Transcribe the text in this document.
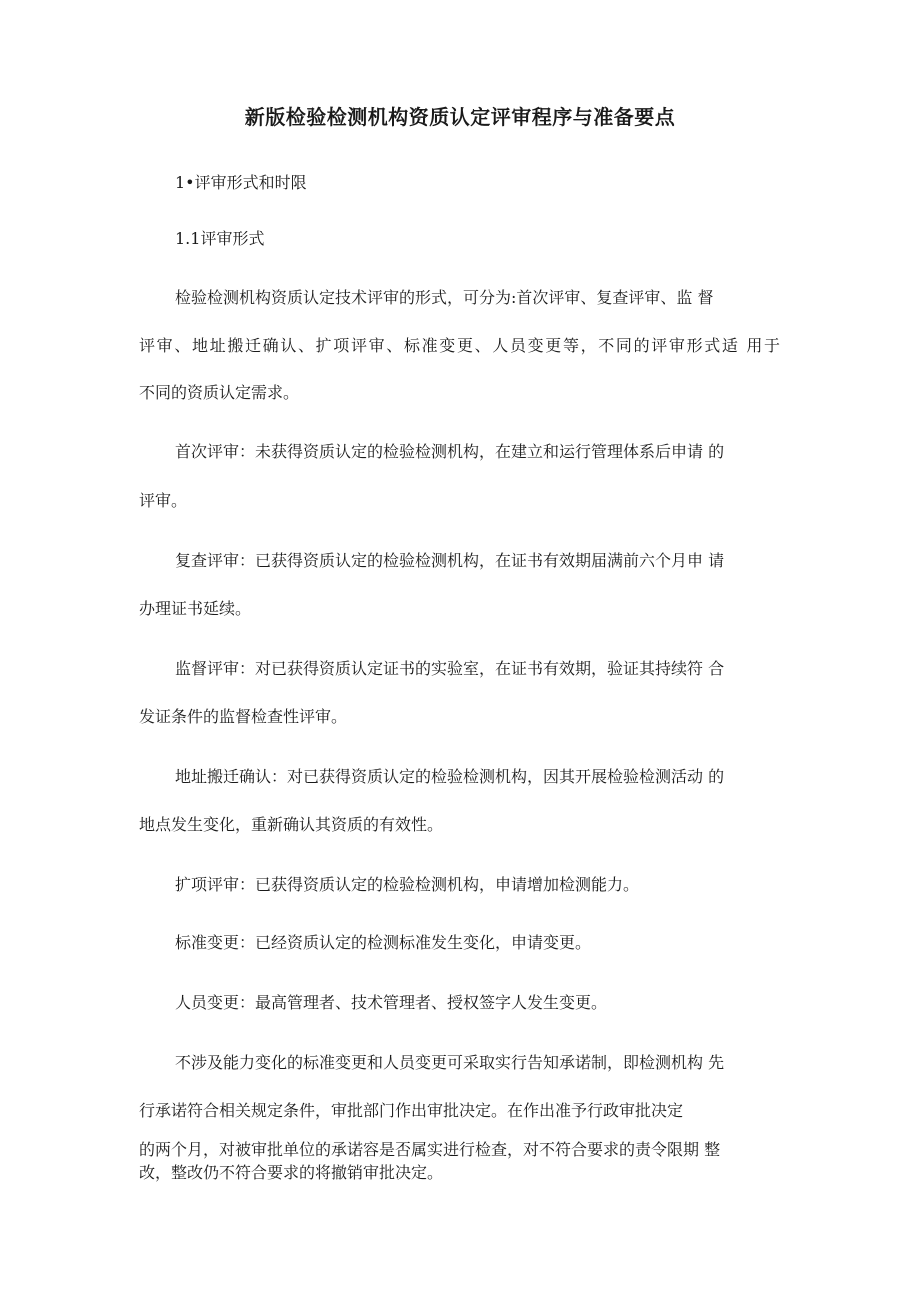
新版检验检测机构资质认定评审程序与准备要点
1•评审形式和时限
1.1评审形式
检验检测机构资质认定技术评审的形式，可分为:首次评审、复查评审、监 督
评审、地址搬迁确认、扩项评审、标准变更、人员变更等，不同的评审形式适 用于
不同的资质认定需求。
首次评审：未获得资质认定的检验检测机构，在建立和运行管理体系后申请 的
评审。
复查评审：已获得资质认定的检验检测机构，在证书有效期届满前六个月申 请
办理证书延续。
监督评审：对已获得资质认定证书的实验室，在证书有效期，验证其持续符 合
发证条件的监督检查性评审。
地址搬迁确认：对已获得资质认定的检验检测机构，因其开展检验检测活动 的
地点发生变化，重新确认其资质的有效性。
扩项评审：已获得资质认定的检验检测机构，申请增加检测能力。
标准变更：已经资质认定的检测标准发生变化，申请变更。
人员变更：最高管理者、技术管理者、授权签字人发生变更。
不涉及能力变化的标准变更和人员变更可采取实行告知承诺制，即检测机构 先
行承诺符合相关规定条件，审批部门作出审批决定。在作出准予行政审批决定
的两个月，对被审批单位的承诺容是否属实进行检查，对不符合要求的责令限期 整
改，整改仍不符合要求的将撤销审批决定。
